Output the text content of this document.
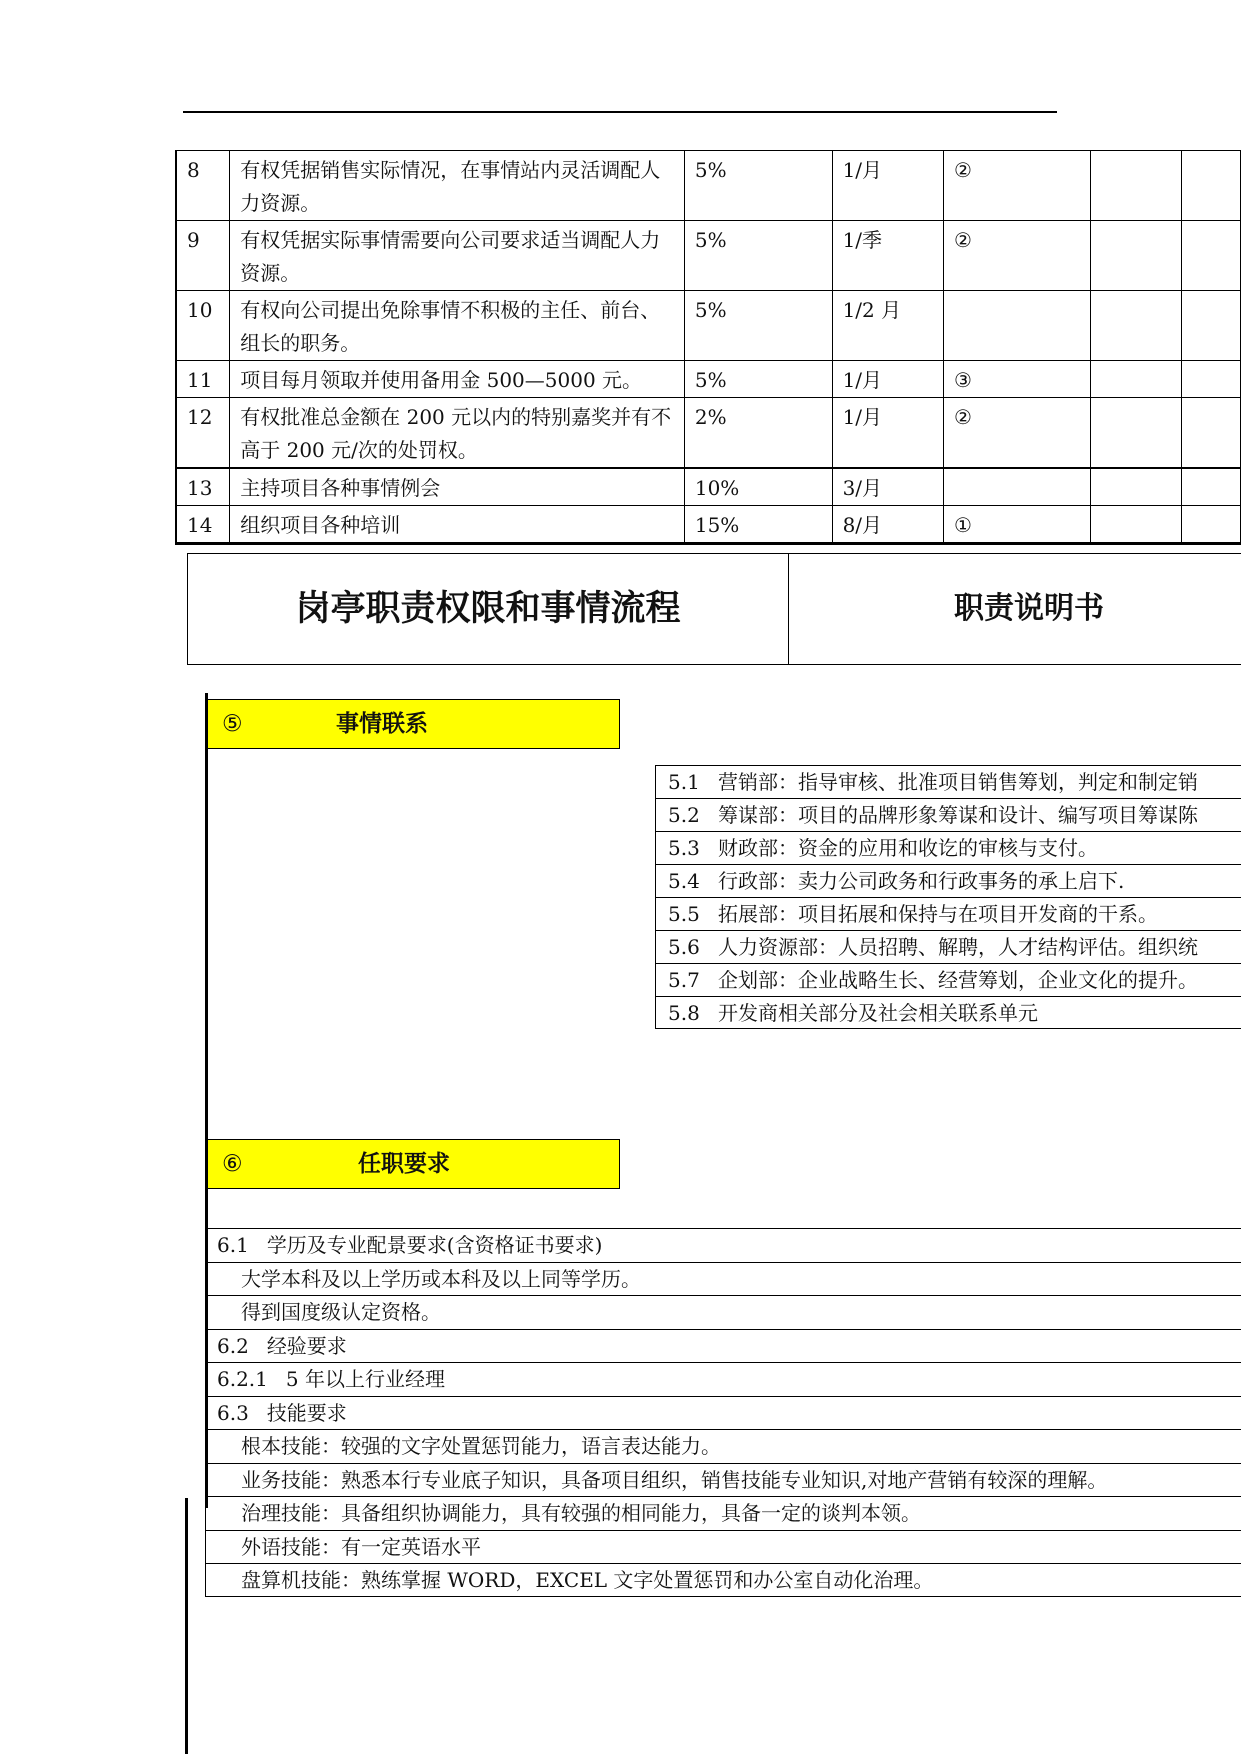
8	有权凭据销售实际情况，在事情站内灵活调配人力资源。	5%	1/月	②		
9	有权凭据实际事情需要向公司要求适当调配人力资源。	5%	1/季	②		
10	有权向公司提出免除事情不积极的主任、前台、组长的职务。	5%	1/2 月			
11	项目每月领取并使用备用金 500—5000 元。	5%	1/月	③		
12	有权批准总金额在 200 元以内的特别嘉奖并有不高于 200 元/次的处罚权。	2%	1/月	②		
13	主持项目各种事情例会	10%	3/月			
14	组织项目各种培训	15%	8/月	①		
岗亭职责权限和事情流程	职责说明书
⑤	事情联系
5.1 营销部：指导审核、批准项目销售筹划，判定和制定销
5.2 筹谋部：项目的品牌形象筹谋和设计、编写项目筹谋陈
5.3 财政部：资金的应用和收讫的审核与支付。
5.4 行政部：卖力公司政务和行政事务的承上启下.
5.5 拓展部：项目拓展和保持与在项目开发商的干系。
5.6 人力资源部：人员招聘、解聘，人才结构评估。组织统
5.7 企划部：企业战略生长、经营筹划，企业文化的提升。
5.8 开发商相关部分及社会相关联系单元
⑥	任职要求
6.1 学历及专业配景要求(含资格证书要求)
大学本科及以上学历或本科及以上同等学历。
得到国度级认定资格。
6.2 经验要求
6.2.1 5 年以上行业经理
6.3 技能要求
根本技能：较强的文字处置惩罚能力，语言表达能力。
业务技能：熟悉本行专业底子知识，具备项目组织，销售技能专业知识,对地产营销有较深的理解。
治理技能：具备组织协调能力，具有较强的相同能力，具备一定的谈判本领。
外语技能：有一定英语水平
盘算机技能：熟练掌握 WORD，EXCEL 文字处置惩罚和办公室自动化治理。
